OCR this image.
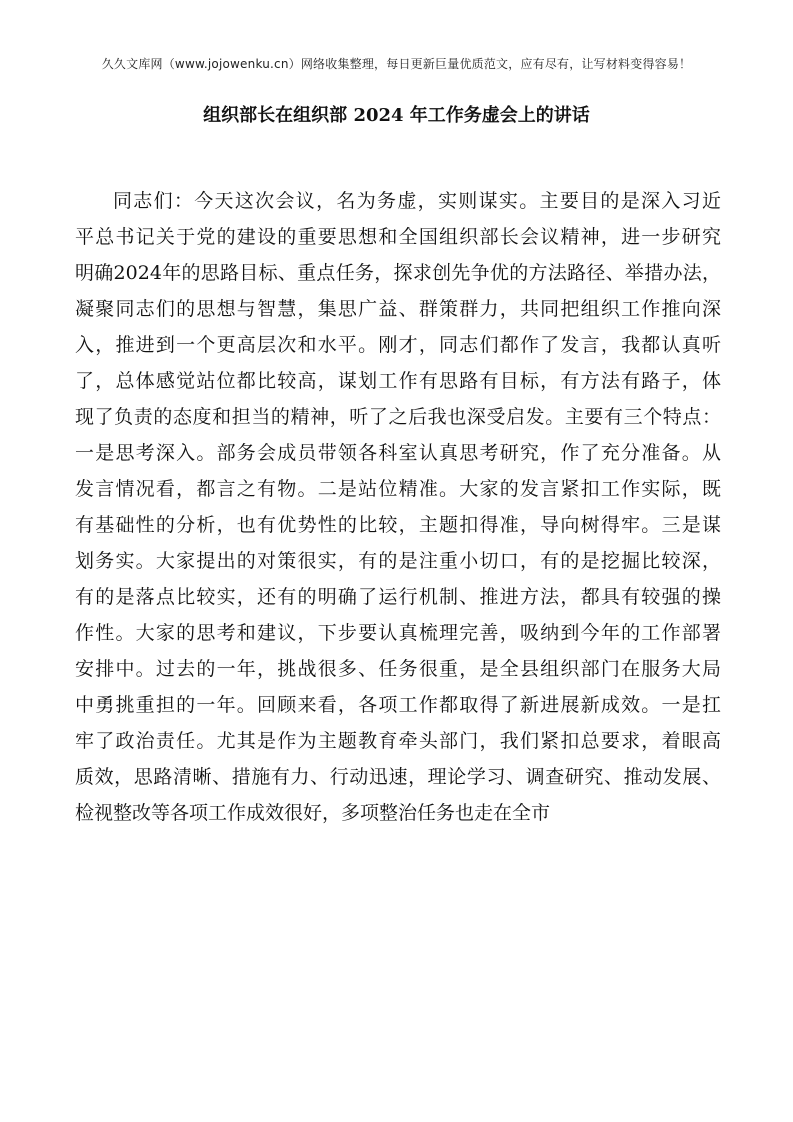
久久文库网（www.jojowenku.cn）网络收集整理，每日更新巨量优质范文，应有尽有，让写材料变得容易！
组织部长在组织部 2024 年工作务虚会上的讲话
同志们：今天这次会议，名为务虚，实则谋实。主要目的是深入习近
平总书记关于党的建设的重要思想和全国组织部长会议精神，进一步研究
明确2024年的思路目标、重点任务，探求创先争优的方法路径、举措办法，
凝聚同志们的思想与智慧，集思广益、群策群力，共同把组织工作推向深
入，推进到一个更高层次和水平。刚才，同志们都作了发言，我都认真听
了，总体感觉站位都比较高，谋划工作有思路有目标，有方法有路子，体
现了负责的态度和担当的精神，听了之后我也深受启发。主要有三个特点：
一是思考深入。部务会成员带领各科室认真思考研究，作了充分准备。从
发言情况看，都言之有物。二是站位精准。大家的发言紧扣工作实际，既
有基础性的分析，也有优势性的比较，主题扣得准，导向树得牢。三是谋
划务实。大家提出的对策很实，有的是注重小切口，有的是挖掘比较深，
有的是落点比较实，还有的明确了运行机制、推进方法，都具有较强的操
作性。大家的思考和建议，下步要认真梳理完善，吸纳到今年的工作部署
安排中。过去的一年，挑战很多、任务很重，是全县组织部门在服务大局
中勇挑重担的一年。回顾来看，各项工作都取得了新进展新成效。一是扛
牢了政治责任。尤其是作为主题教育牵头部门，我们紧扣总要求，着眼高
质效，思路清晰、措施有力、行动迅速，理论学习、调查研究、推动发展、
检视整改等各项工作成效很好，多项整治任务也走在全市
